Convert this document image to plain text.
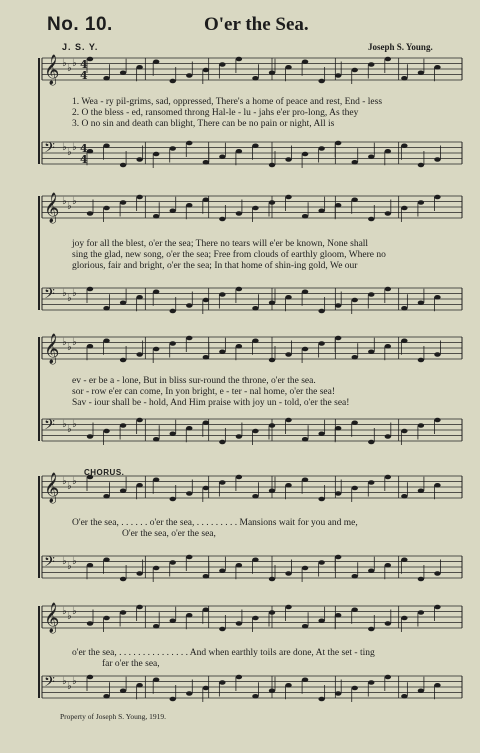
No. 10.	O'er the Sea.
J. S. Y.	Joseph S. Young.
𝄞 ♭ ♭ ♭
𝄢 ♭ ♭ ♭
𝄞 ♭ ♭ ♭
𝄢 ♭ ♭ ♭
𝄞 ♭ ♭ ♭
𝄢 ♭ ♭ ♭
𝄞 ♭ ♭ ♭
𝄢 ♭ ♭ ♭
𝄞 ♭ ♭ ♭
𝄢 ♭ ♭ ♭
4
4
4
4
1. Wea - ry pil-grims, sad, oppressed, There's a home of peace and rest, End - less
2. O the bless - ed, ransomed throng Hal-le - lu - jahs e'er pro-long, As they
3. O no sin and death can blight, There can be no pain or night, All is
joy for all the blest, o'er the sea; There no tears will e'er be known, None shall
sing the glad, new song, o'er the sea; Free from clouds of earthly gloom, Where no
glorious, fair and bright, o'er the sea; In that home of shin-ing gold, We our
ev - er be a - lone, But in bliss sur-round the throne, o'er the sea.
sor - row e'er can come, In yon bright, e - ter - nal home, o'er the sea!
Sav - iour shall be - hold, And Him praise with joy un - told, o'er the sea!
CHORUS.
O'er the sea, . . . . . . o'er the sea, . . . . . . . . . Mansions wait for you and me,
O'er the sea, o'er the sea,
o'er the sea, . . . . . . . . . . . . . . . And when earthly toils are done, At the set - ting
far o'er the sea,
Property of Joseph S. Young, 1919.
